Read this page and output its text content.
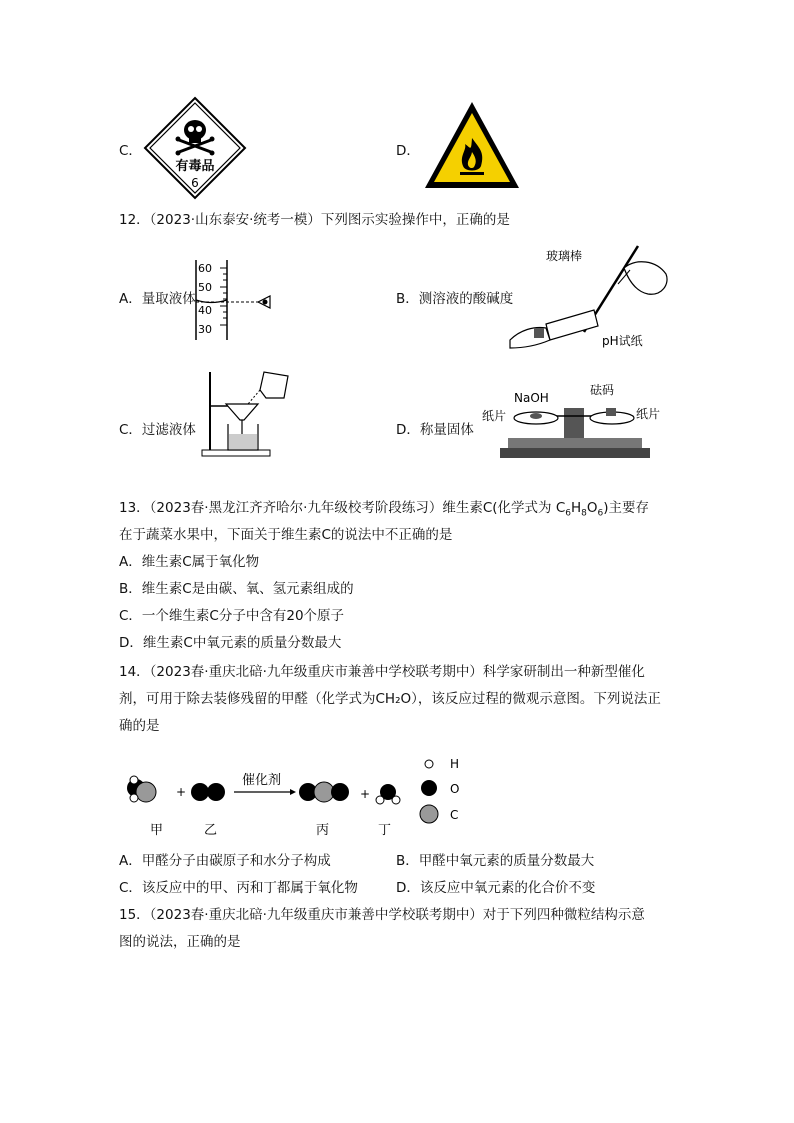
C．
有毒品
6
D．
12．（2023·山东泰安·统考一模）下列图示实验操作中，正确的是
A．量取液体
60
50
40
30
B．测溶液的酸碱度
玻璃棒
pH试纸
C．过滤液体	D．称量固体
NaOH
砝码
纸片	纸片
13．（2023春·黑龙江齐齐哈尔·九年级校考阶段练习）维生素C(化学式为 $C_6H_8O_6$)主要存
在于蔬菜水果中，下面关于维生素C的说法中不正确的是
A．维生素C属于氧化物
B．维生素C是由碳、氧、氢元素组成的
C．一个维生素C分子中含有20个原子
D．维生素C中氧元素的质量分数最大
14．（2023春·重庆北碚·九年级重庆市兼善中学校联考期中）科学家研制出一种新型催化
剂，可用于除去装修残留的甲醛（化学式为CH₂O），该反应过程的微观示意图。下列说法正
确的是
+
催化剂
+
甲	乙	丙	丁
H
O
C
A．甲醛分子由碳原子和水分子构成	B．甲醛中氧元素的质量分数最大
C．该反应中的甲、丙和丁都属于氧化物	D．该反应中氧元素的化合价不变
15．（2023春·重庆北碚·九年级重庆市兼善中学校联考期中）对于下列四种微粒结构示意
图的说法，正确的是
